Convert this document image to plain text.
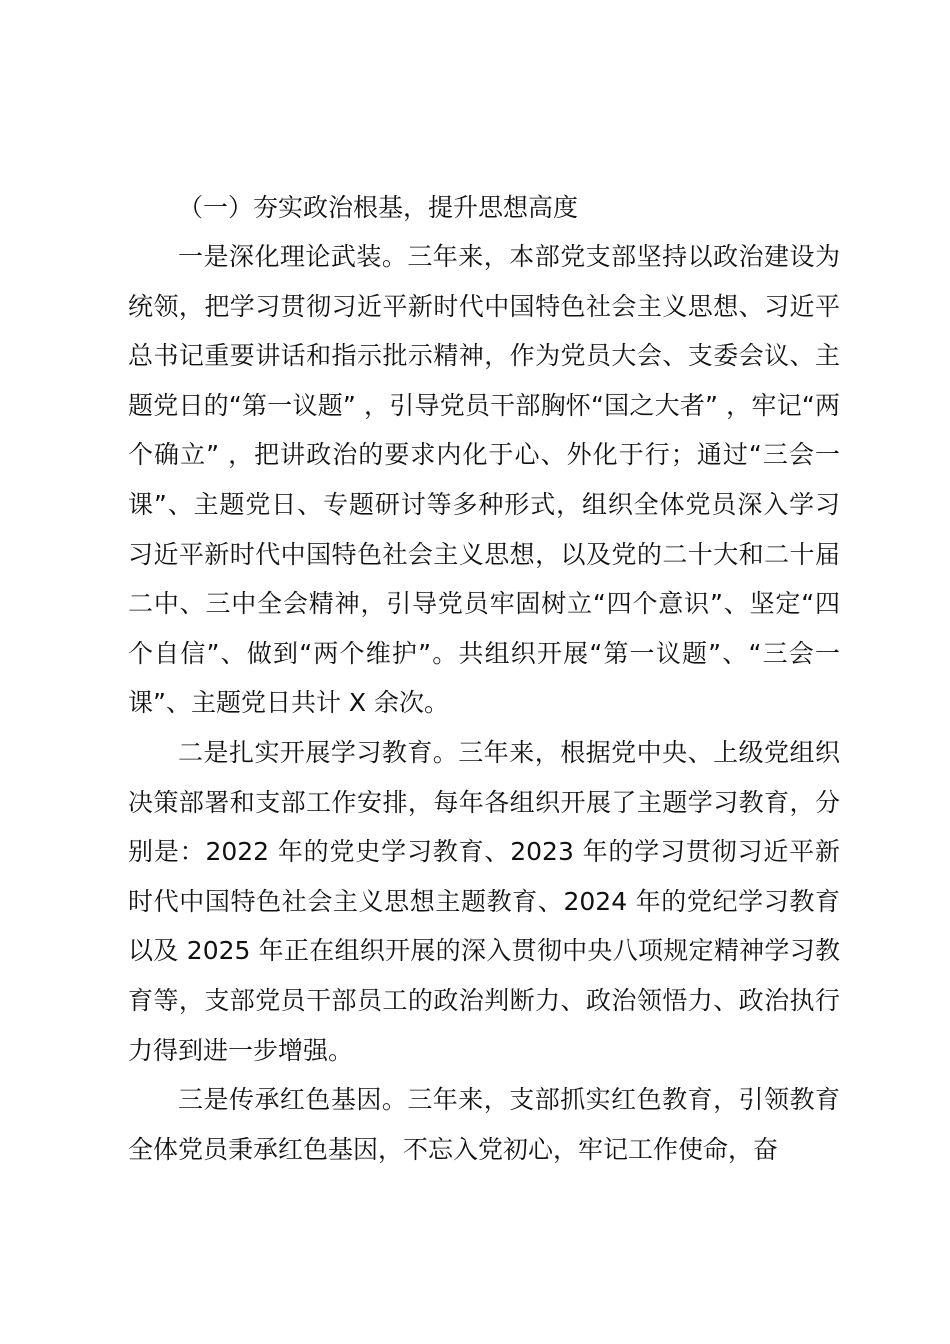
（一）夯实政治根基，提升思想高度

一是深化理论武装。三年来，本部党支部坚持以政治建设为统领，把学习贯彻习近平新时代中国特色社会主义思想、习近平总书记重要讲话和指示批示精神，作为党员大会、支委会议、主题党日的“第一议题” ，引导党员干部胸怀“国之大者” ，牢记“两个确立” ，把讲政治的要求内化于心、外化于行；通过“三会一课”、主题党日、专题研讨等多种形式，组织全体党员深入学习习近平新时代中国特色社会主义思想，以及党的二十大和二十届二中、三中全会精神，引导党员牢固树立“四个意识”、坚定“四个自信”、做到“两个维护”。共组织开展“第一议题”、“三会一课”、主题党日共计 X 余次。

二是扎实开展学习教育。三年来，根据党中央、上级党组织决策部署和支部工作安排，每年各组织开展了主题学习教育，分别是：2022 年的党史学习教育、2023 年的学习贯彻习近平新时代中国特色社会主义思想主题教育、2024 年的党纪学习教育以及 2025 年正在组织开展的深入贯彻中央八项规定精神学习教育等，支部党员干部员工的政治判断力、政治领悟力、政治执行力得到进一步增强。

三是传承红色基因。三年来，支部抓实红色教育，引领教育全体党员秉承红色基因，不忘入党初心，牢记工作使命，奋
